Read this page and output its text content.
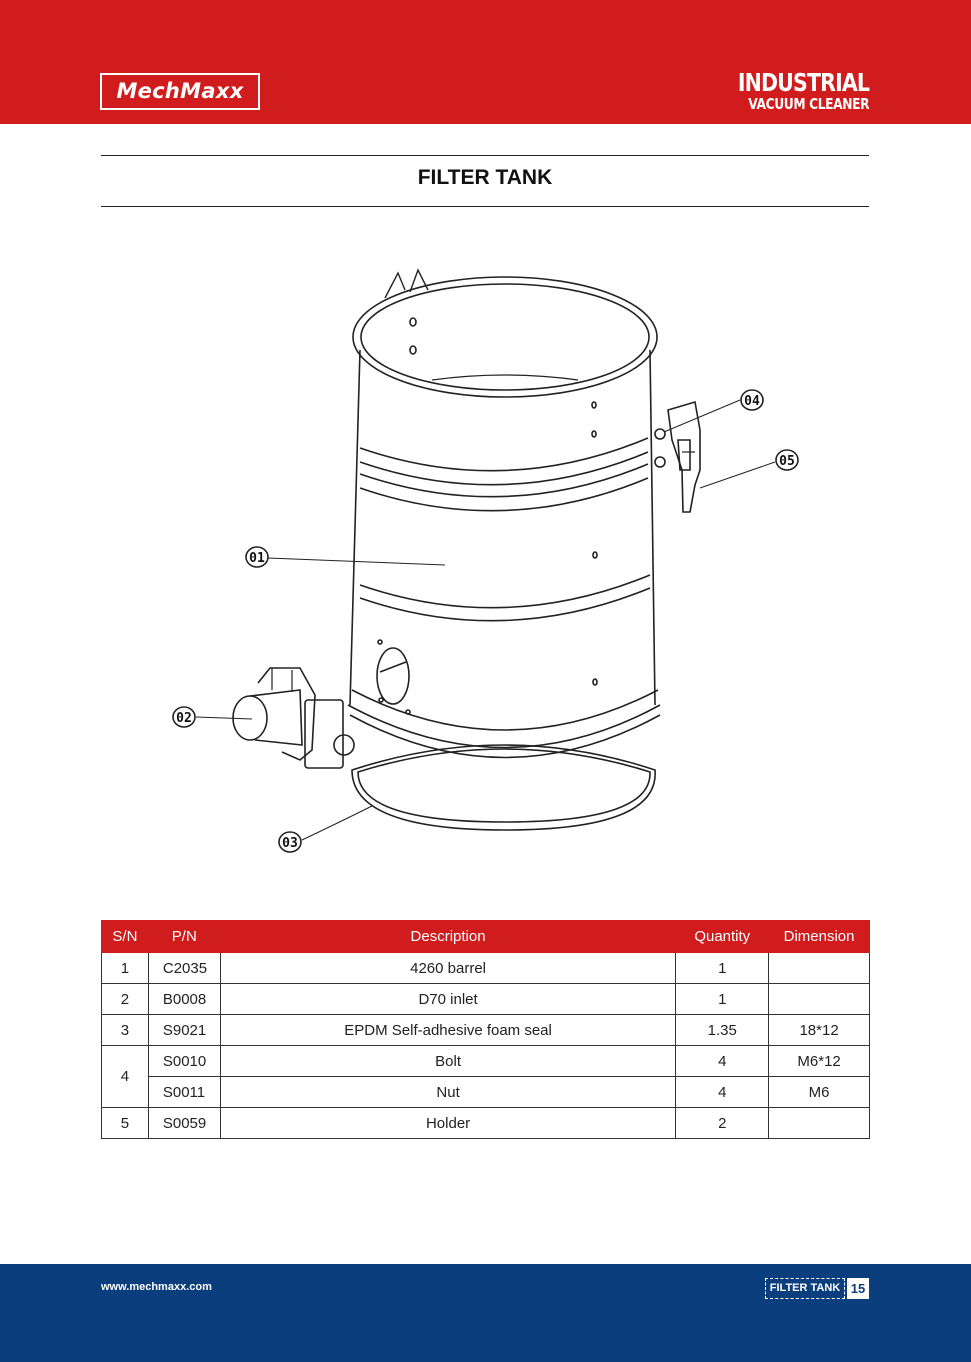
MechMaxx	INDUSTRIAL
VACUUM CLEANER
FILTER TANK
01
02
03
04
05
S/N	P/N	Description	Quantity	Dimension
1	C2035	4260 barrel	1	
2	B0008	D70 inlet	1	
3	S9021	EPDM Self-adhesive foam seal	1.35	18*12
4	S0010	Bolt	4	M6*12
	S0011	Nut	4	M6
5	S0059	Holder	2	
www.mechmaxx.com	FILTER TANK 15
